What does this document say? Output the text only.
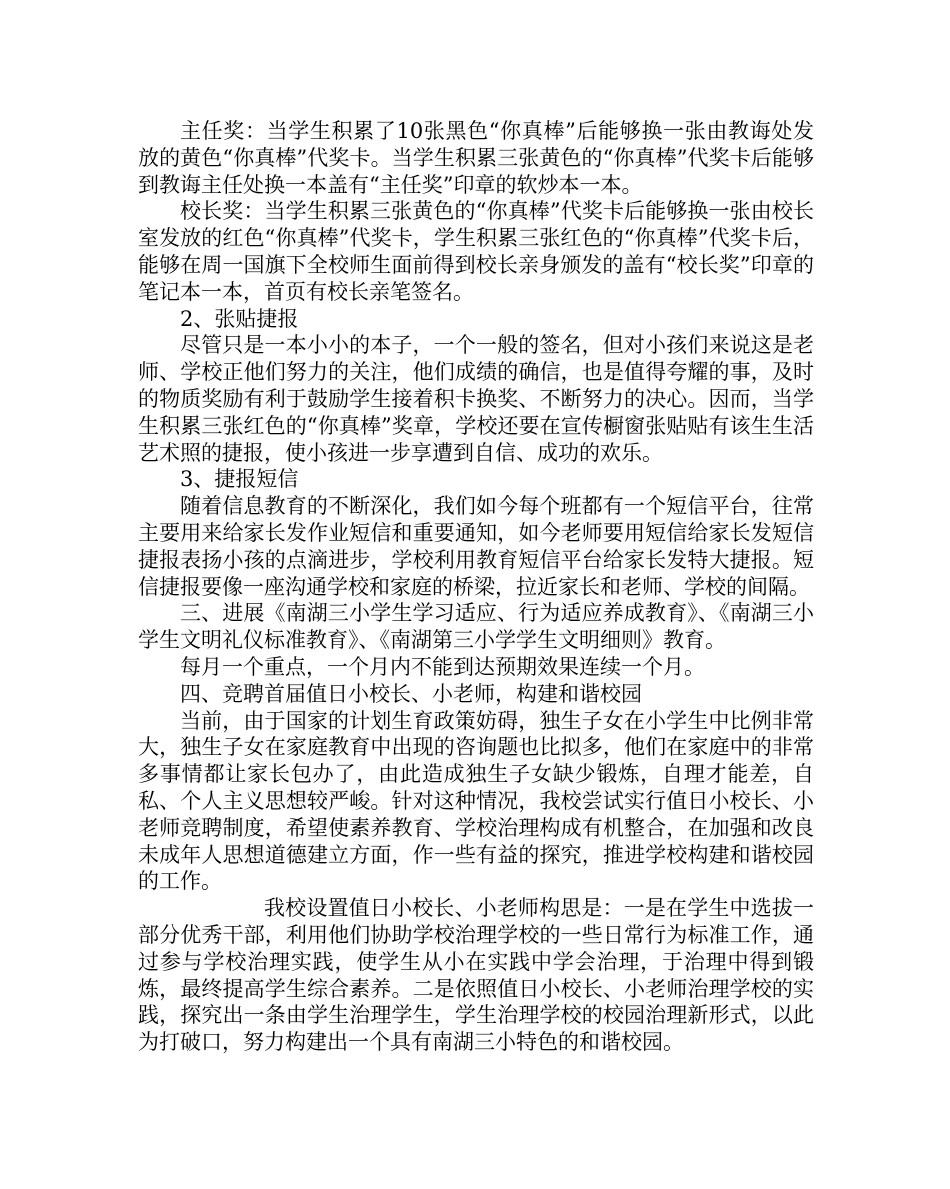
主任奖：当学生积累了10张黑色“你真棒”后能够换一张由教诲处发放的黄色“你真棒”代奖卡。当学生积累三张黄色的“你真棒”代奖卡后能够到教诲主任处换一本盖有“主任奖”印章的软炒本一本。

校长奖：当学生积累三张黄色的“你真棒”代奖卡后能够换一张由校长室发放的红色“你真棒”代奖卡，学生积累三张红色的“你真棒”代奖卡后，能够在周一国旗下全校师生面前得到校长亲身颁发的盖有“校长奖”印章的笔记本一本，首页有校长亲笔签名。

2、张贴捷报

尽管只是一本小小的本子，一个一般的签名，但对小孩们来说这是老师、学校正他们努力的关注，他们成绩的确信，也是值得夸耀的事，及时的物质奖励有利于鼓励学生接着积卡换奖、不断努力的决心。因而，当学生积累三张红色的“你真棒”奖章，学校还要在宣传橱窗张贴贴有该生生活艺术照的捷报，使小孩进一步享遭到自信、成功的欢乐。

3、捷报短信

随着信息教育的不断深化，我们如今每个班都有一个短信平台，往常主要用来给家长发作业短信和重要通知，如今老师要用短信给家长发短信捷报表扬小孩的点滴进步，学校利用教育短信平台给家长发特大捷报。短信捷报要像一座沟通学校和家庭的桥梁，拉近家长和老师、学校的间隔。

三、进展《南湖三小学生学习适应、行为适应养成教育》、《南湖三小学生文明礼仪标准教育》、《南湖第三小学学生文明细则》教育。

每月一个重点，一个月内不能到达预期效果连续一个月。

四、竞聘首届值日小校长、小老师，构建和谐校园

当前，由于国家的计划生育政策妨碍，独生子女在小学生中比例非常大，独生子女在家庭教育中出现的咨询题也比拟多，他们在家庭中的非常多事情都让家长包办了，由此造成独生子女缺少锻炼，自理才能差，自私、个人主义思想较严峻。针对这种情况，我校尝试实行值日小校长、小老师竞聘制度，希望使素养教育、学校治理构成有机整合，在加强和改良未成年人思想道德建立方面，作一些有益的探究，推进学校构建和谐校园的工作。

我校设置值日小校长、小老师构思是：一是在学生中选拔一部分优秀干部，利用他们协助学校治理学校的一些日常行为标准工作，通过参与学校治理实践，使学生从小在实践中学会治理，于治理中得到锻炼，最终提高学生综合素养。二是依照值日小校长、小老师治理学校的实践，探究出一条由学生治理学生，学生治理学校的校园治理新形式，以此为打破口，努力构建出一个具有南湖三小特色的和谐校园。
